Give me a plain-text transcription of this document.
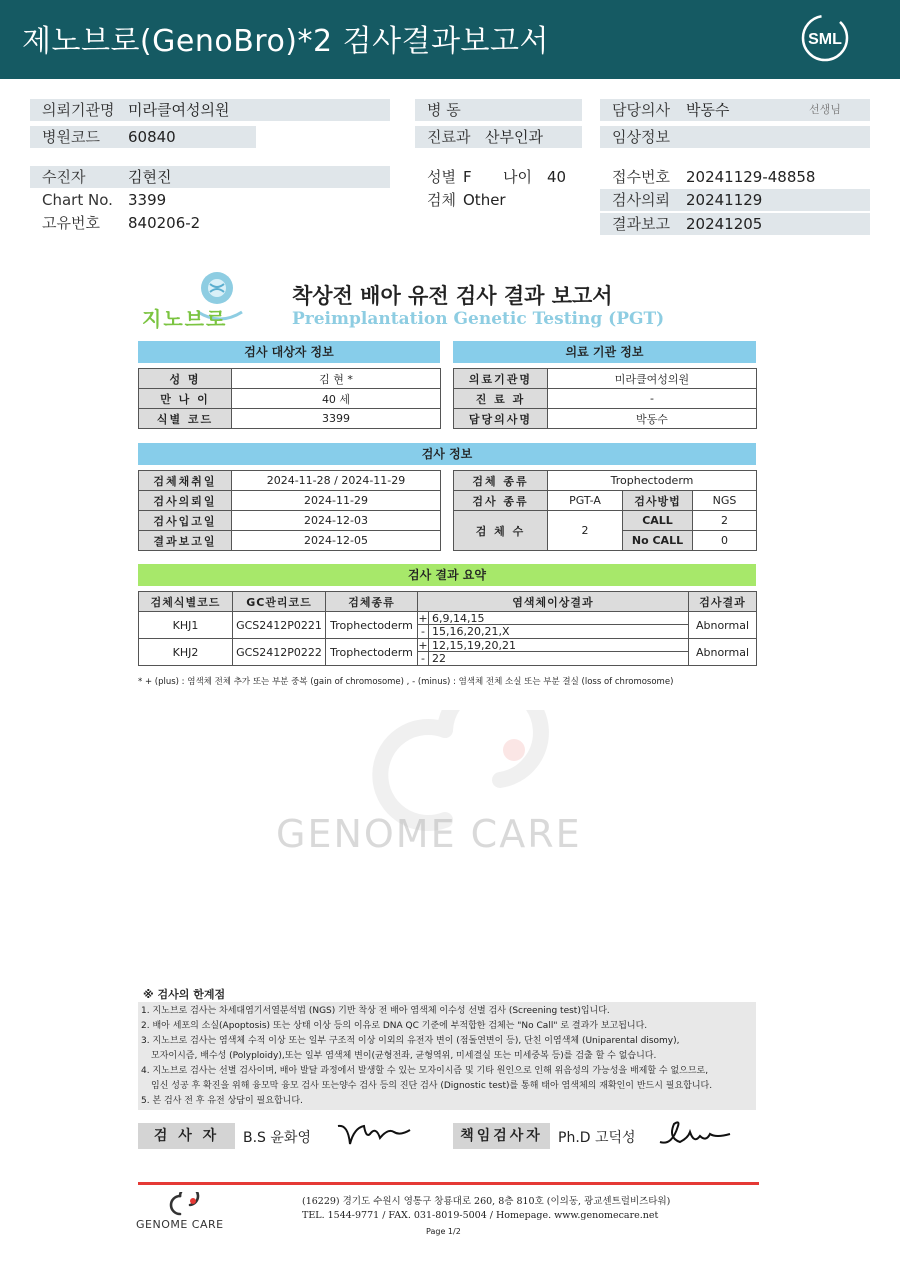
제노브로(GenoBro)*2 검사결과보고서	SML
의뢰기관명 미라클여성의원
병원코드 60840
병 동
진료과 산부인과
담당의사 박동수	선생님
임상정보
수진자	김현진
Chart No. 3399
고유번호 840206-2
성별 F 나이 40
검체 Other
접수번호 20241129-48858
검사의뢰 20241129
결과보고 20241205
지노브로
착상전 배아 유전 검사 결과 보고서
Preimplantation Genetic Testing (PGT)
검사 대상자 정보	의료 기관 정보
성 명	김 현 *
만 나 이	40 세
식별 코드	3399
의료기관명	미라클여성의원
진 료 과	-
담당의사명	박동수
검사 정보
검체채취일	2024-11-28 / 2024-11-29
검사의뢰일	2024-11-29
검사입고일	2024-12-03
결과보고일	2024-12-05
검체 종류	Trophectoderm		
검사 종류	PGT-A	검사방법	NGS
검 체 수	2	CALL	2
		No CALL	0
검사 결과 요약
검체식별코드	GC관리코드	검체종류	염색체이상결과	검사결과
KHJ1	GCS2412P0221	Trophectoderm	+ 6,9,14,15
- 15,16,20,21,X	Abnormal
KHJ2	GCS2412P0222	Trophectoderm	+ 12,15,19,20,21
- 22	Abnormal
* + (plus) : 염색체 전체 추가 또는 부분 중복 (gain of chromosome) , - (minus) : 염색체 전체 소실 또는 부분 결실 (loss of chromosome)
GENOME CARE
※ 검사의 한계점
1. 지노브로 검사는 차세대염기서열분석법 (NGS) 기반 착상 전 배아 염색체 이수성 선별 검사 (Screening test)입니다.
2. 배아 세포의 소실(Apoptosis) 또는 상태 이상 등의 이유로 DNA QC 기준에 부적합한 검체는 "No Call" 로 결과가 보고됩니다.
3. 지노브로 검사는 염색체 수적 이상 또는 일부 구조적 이상 이외의 유전자 변이 (점돌연변이 등), 단친 이염색체 (Uniparental disomy),
모자이시즘, 배수성 (Polyploidy),또는 일부 염색체 변이(균형전좌, 균형역위, 미세결실 또는 미세중복 등)를 검출 할 수 없습니다.
4. 지노브로 검사는 선별 검사이며, 배아 발달 과정에서 발생할 수 있는 모자이시즘 및 기타 원인으로 인해 위음성의 가능성을 배제할 수 없으므로,
임신 성공 후 확진을 위해 융모막 융모 검사 또는양수 검사 등의 진단 검사 (Dignostic test)를 통해 태아 염색체의 재확인이 반드시 필요합니다.
5. 본 검사 전 후 유전 상담이 필요합니다.
검 사 자	B.S 윤화영	책임검사자	Ph.D 고덕성
GENOME CARE
(16229) 경기도 수원시 영통구 창룡대로 260, 8층 810호 (이의동, 광교센트럴비즈타워)
TEL. 1544-9771 / FAX. 031-8019-5004 / Homepage. www.genomecare.net
Page 1/2
